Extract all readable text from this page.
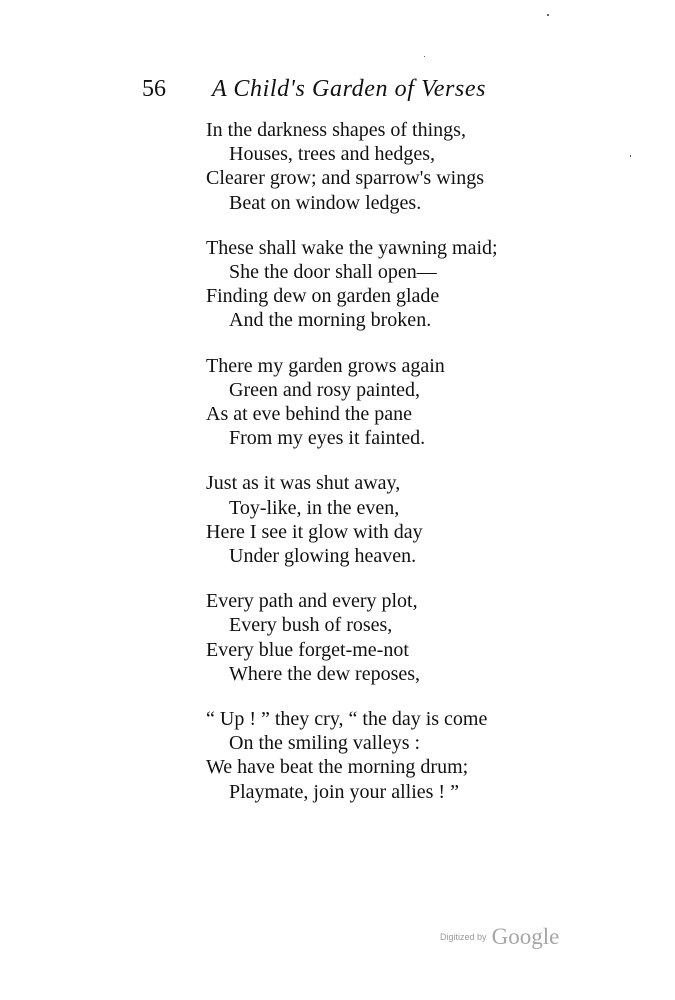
56 A Child's Garden of Verses
In the darkness shapes of things,
Houses, trees and hedges,
Clearer grow; and sparrow's wings
Beat on window ledges.
These shall wake the yawning maid;
She the door shall open—
Finding dew on garden glade
And the morning broken.
There my garden grows again
Green and rosy painted,
As at eve behind the pane
From my eyes it fainted.
Just as it was shut away,
Toy-like, in the even,
Here I see it glow with day
Under glowing heaven.
Every path and every plot,
Every bush of roses,
Every blue forget-me-not
Where the dew reposes,
“ Up ! ” they cry, “ the day is come
On the smiling valleys :
We have beat the morning drum;
Playmate, join your allies ! ”
Digitized by Google
